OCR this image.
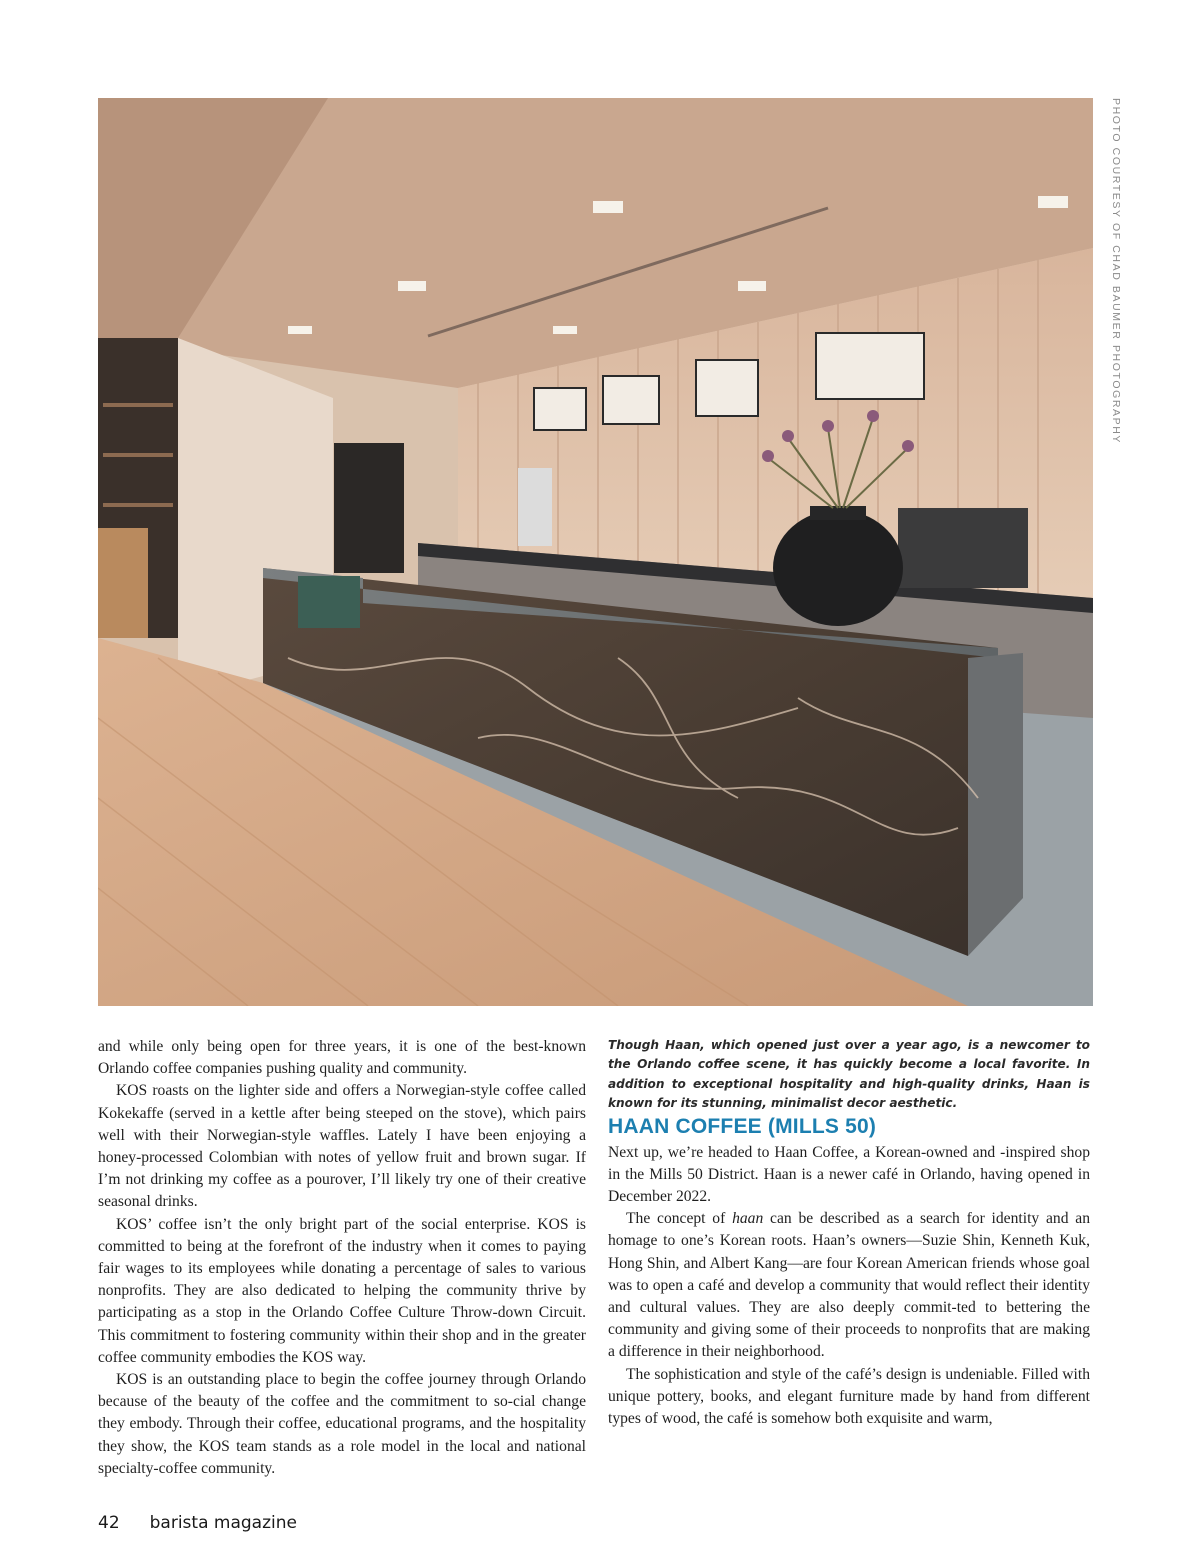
PHOTO COURTESY OF CHAD BAUMER PHOTOGRAPHY

and while only being open for three years, it is one of the best-known Orlando coffee companies pushing quality and community.

KOS roasts on the lighter side and offers a Norwegian-style coffee called Kokekaffe (served in a kettle after being steeped on the stove), which pairs well with their Norwegian-style waffles. Lately I have been enjoying a honey-processed Colombian with notes of yellow fruit and brown sugar. If I’m not drinking my coffee as a pourover, I’ll likely try one of their creative seasonal drinks.

KOS’ coffee isn’t the only bright part of the social enterprise. KOS is committed to being at the forefront of the industry when it comes to paying fair wages to its employees while donating a percentage of sales to various nonprofits. They are also dedicated to helping the community thrive by participating as a stop in the Orlando Coffee Culture Throw-down Circuit. This commitment to fostering community within their shop and in the greater coffee community embodies the KOS way.

KOS is an outstanding place to begin the coffee journey through Orlando because of the beauty of the coffee and the commitment to so-cial change they embody. Through their coffee, educational programs, and the hospitality they show, the KOS team stands as a role model in the local and national specialty-coffee community.

Though Haan, which opened just over a year ago, is a newcomer to the Orlando coffee scene, it has quickly become a local favorite. In addition to exceptional hospitality and high-quality drinks, Haan is known for its stunning, minimalist decor aesthetic.

HAAN COFFEE (MILLS 50)

Next up, we’re headed to Haan Coffee, a Korean-owned and -inspired shop in the Mills 50 District. Haan is a newer café in Orlando, having opened in December 2022.

The concept of haan can be described as a search for identity and an homage to one’s Korean roots. Haan’s owners—Suzie Shin, Kenneth Kuk, Hong Shin, and Albert Kang—are four Korean American friends whose goal was to open a café and develop a community that would reflect their identity and cultural values. They are also deeply commit-ted to bettering the community and giving some of their proceeds to nonprofits that are making a difference in their neighborhood.

The sophistication and style of the café’s design is undeniable. Filled with unique pottery, books, and elegant furniture made by hand from different types of wood, the café is somehow both exquisite and warm,

42 barista magazine
